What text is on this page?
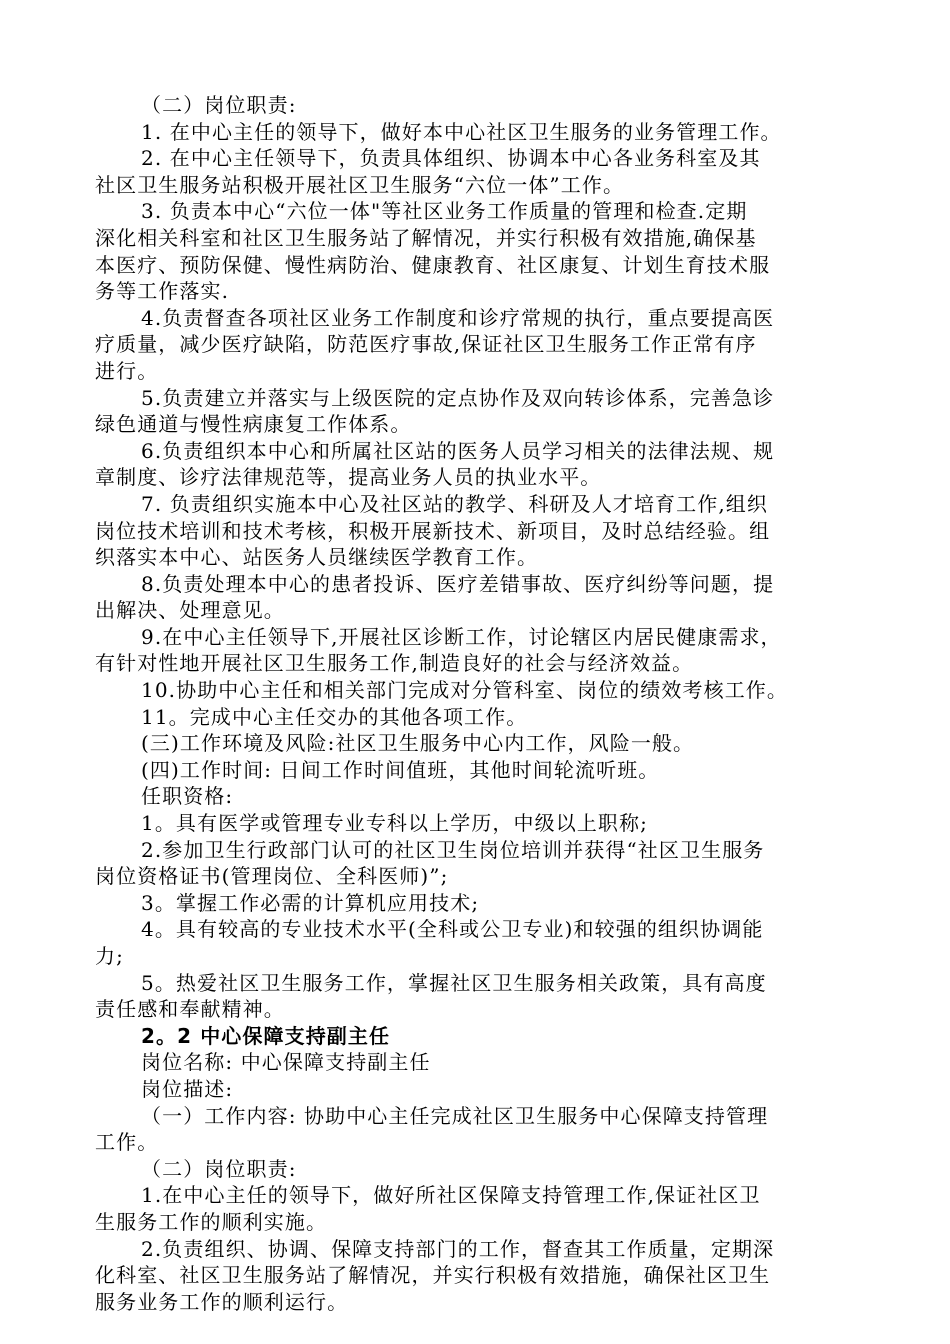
（二）岗位职责:
1. 在中心主任的领导下，做好本中心社区卫生服务的业务管理工作。
2. 在中心主任领导下，负责具体组织、协调本中心各业务科室及其
社区卫生服务站积极开展社区卫生服务“六位一体”工作。
3. 负责本中心“六位一体"等社区业务工作质量的管理和检查.定期
深化相关科室和社区卫生服务站了解情况，并实行积极有效措施,确保基
本医疗、预防保健、慢性病防治、健康教育、社区康复、计划生育技术服
务等工作落实.
4.负责督查各项社区业务工作制度和诊疗常规的执行，重点要提高医
疗质量，减少医疗缺陷，防范医疗事故,保证社区卫生服务工作正常有序
进行。
5.负责建立并落实与上级医院的定点协作及双向转诊体系，完善急诊
绿色通道与慢性病康复工作体系。
6.负责组织本中心和所属社区站的医务人员学习相关的法律法规、规
章制度、诊疗法律规范等，提高业务人员的执业水平。
7. 负责组织实施本中心及社区站的教学、科研及人才培育工作,组织
岗位技术培训和技术考核，积极开展新技术、新项目，及时总结经验。组
织落实本中心、站医务人员继续医学教育工作。
8.负责处理本中心的患者投诉、医疗差错事故、医疗纠纷等问题，提
出解决、处理意见。
9.在中心主任领导下,开展社区诊断工作，讨论辖区内居民健康需求，
有针对性地开展社区卫生服务工作,制造良好的社会与经济效益。
10.协助中心主任和相关部门完成对分管科室、岗位的绩效考核工作。
11。完成中心主任交办的其他各项工作。
(三)工作环境及风险:社区卫生服务中心内工作，风险一般。
(四)工作时间: 日间工作时间值班，其他时间轮流听班。
任职资格:
1。具有医学或管理专业专科以上学历，中级以上职称;
2.参加卫生行政部门认可的社区卫生岗位培训并获得“社区卫生服务
岗位资格证书(管理岗位、全科医师)”;
3。掌握工作必需的计算机应用技术;
4。具有较高的专业技术水平(全科或公卫专业)和较强的组织协调能
力;
5。热爱社区卫生服务工作，掌握社区卫生服务相关政策，具有高度
责任感和奉献精神。
2。2 中心保障支持副主任
岗位名称: 中心保障支持副主任
岗位描述:
（一）工作内容: 协助中心主任完成社区卫生服务中心保障支持管理
工作。
（二）岗位职责:
1.在中心主任的领导下，做好所社区保障支持管理工作,保证社区卫
生服务工作的顺利实施。
2.负责组织、协调、保障支持部门的工作，督查其工作质量，定期深
化科室、社区卫生服务站了解情况，并实行积极有效措施，确保社区卫生
服务业务工作的顺利运行。
